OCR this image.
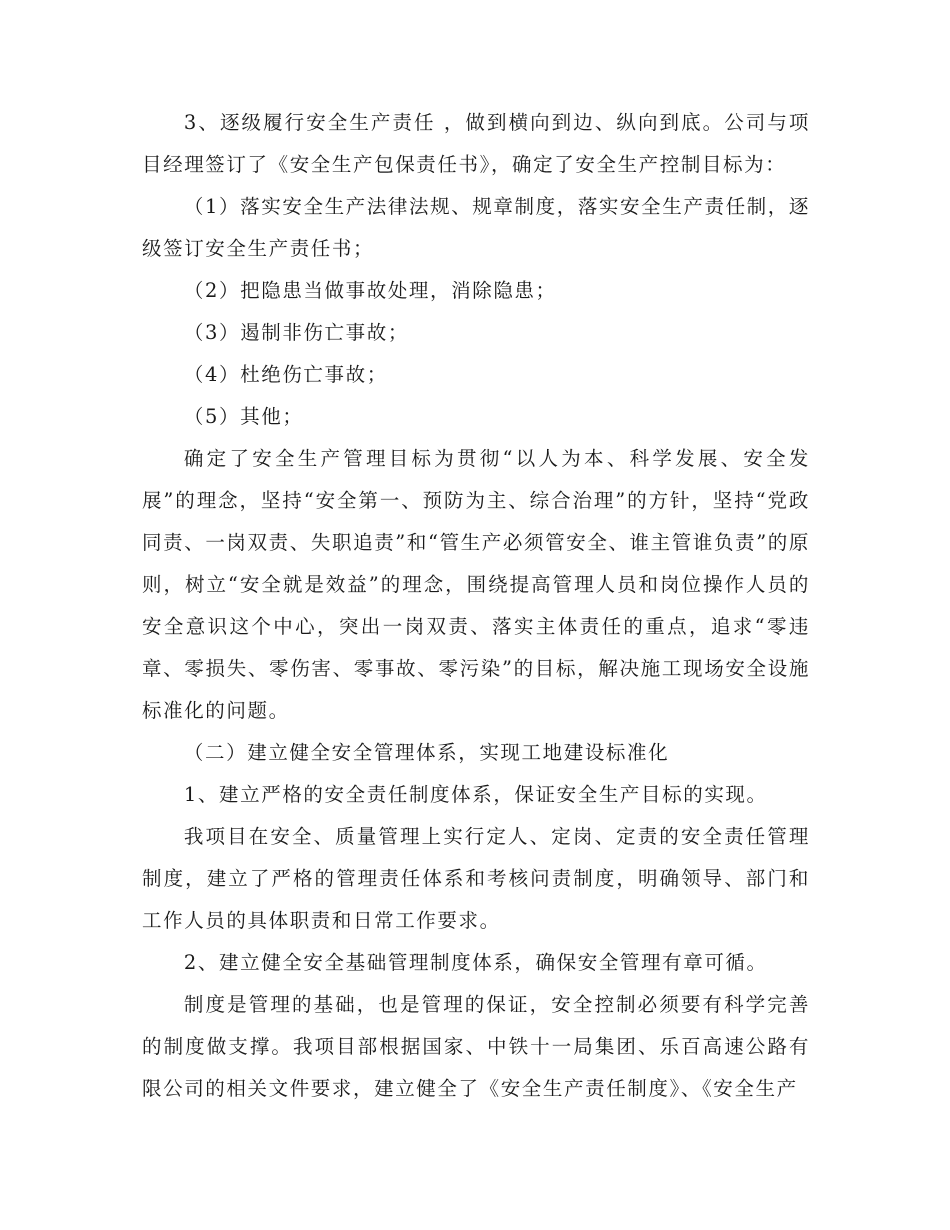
3、逐级履行安全生产责任 ，做到横向到边、纵向到底。公司与项目经理签订了《安全生产包保责任书》，确定了安全生产控制目标为：

（1）落实安全生产法律法规、规章制度，落实安全生产责任制，逐级签订安全生产责任书；

（2）把隐患当做事故处理，消除隐患；

（3）遏制非伤亡事故；

（4）杜绝伤亡事故；

（5）其他；

确定了安全生产管理目标为贯彻“以人为本、科学发展、安全发展”的理念，坚持“安全第一、预防为主、综合治理”的方针，坚持“党政同责、一岗双责、失职追责”和“管生产必须管安全、谁主管谁负责”的原则，树立“安全就是效益”的理念，围绕提高管理人员和岗位操作人员的安全意识这个中心，突出一岗双责、落实主体责任的重点，追求“零违章、零损失、零伤害、零事故、零污染”的目标，解决施工现场安全设施标准化的问题。

（二）建立健全安全管理体系，实现工地建设标准化

1、建立严格的安全责任制度体系，保证安全生产目标的实现。

我项目在安全、质量管理上实行定人、定岗、定责的安全责任管理制度，建立了严格的管理责任体系和考核问责制度，明确领导、部门和工作人员的具体职责和日常工作要求。

2、建立健全安全基础管理制度体系，确保安全管理有章可循。

制度是管理的基础，也是管理的保证，安全控制必须要有科学完善的制度做支撑。我项目部根据国家、中铁十一局集团、乐百高速公路有限公司的相关文件要求，建立健全了《安全生产责任制度》、《安全生产
